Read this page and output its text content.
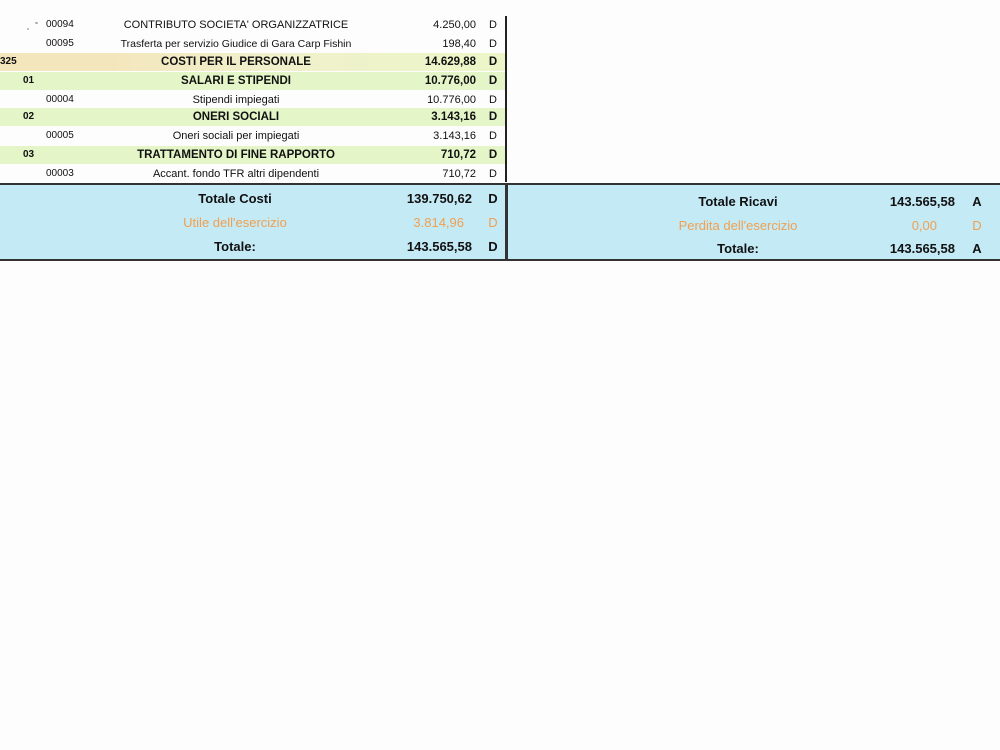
00094	CONTRIBUTO SOCIETA' ORGANIZZATRICE	4.250,00	D
00095	Trasferta per servizio Giudice di Gara Carp Fishin	198,40	D
325	COSTI PER IL PERSONALE	14.629,88	D
01	SALARI E STIPENDI	10.776,00	D
00004	Stipendi impiegati	10.776,00	D
02	ONERI SOCIALI	3.143,16	D
00005	Oneri sociali per impiegati	3.143,16	D
03	TRATTAMENTO DI FINE RAPPORTO	710,72	D
00003	Accant. fondo TFR altri dipendenti	710,72	D
Totale Costi	139.750,62	D
Utile dell'esercizio	3.814,96	D
Totale:	143.565,58	D
Totale Ricavi	143.565,58	A
Perdita dell'esercizio	0,00	D
Totale:	143.565,58	A
